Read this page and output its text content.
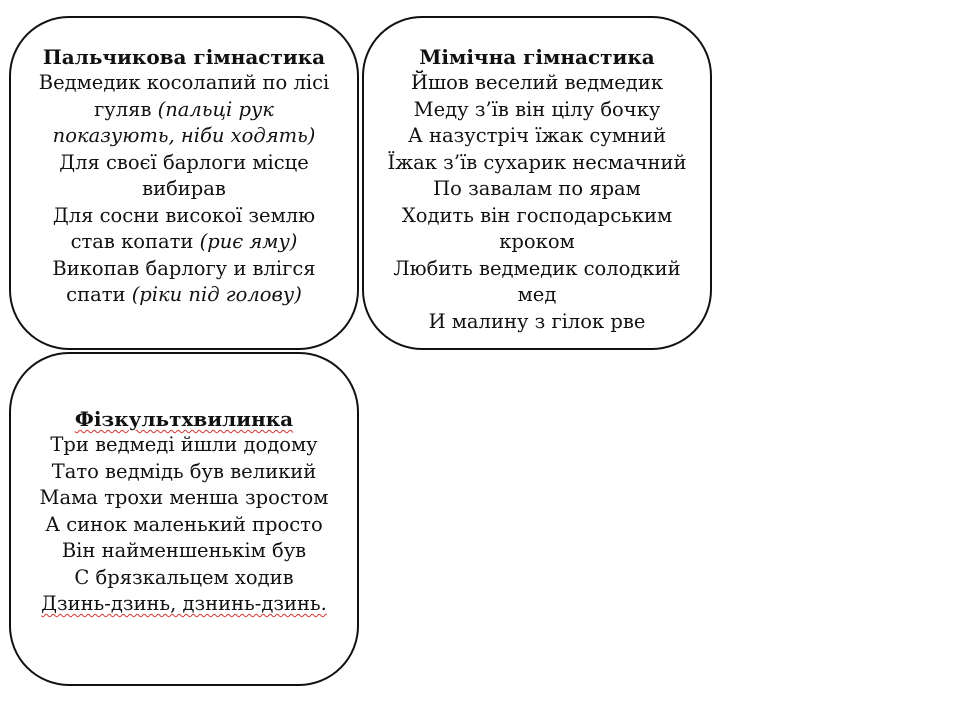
Пальчикова гімнастика
Ведмедик косолапий по лісі
гуляв (пальці рук
показують, ніби ходять)
Для своєї барлоги місце
вибирав
Для сосни високої землю
став копати (риє яму)
Викопав барлогу и влігся
спати (ріки під голову)
Мімічна гімнастика
Йшов веселий ведмедик
Меду з’їв він цілу бочку
А назустріч їжак сумний
Їжак з’їв сухарик несмачний
По завалам по ярам
Ходить він господарським
кроком
Любить ведмедик солодкий
мед
И малину з гілок рве
Фізкультхвилинка
Три ведмеді йшли додому
Тато ведмідь був великий
Мама трохи менша зростом
А синок маленький просто
Він найменшенькім був
С брязкальцем ходив
Дзинь-дзинь, дзнинь-дзинь.
